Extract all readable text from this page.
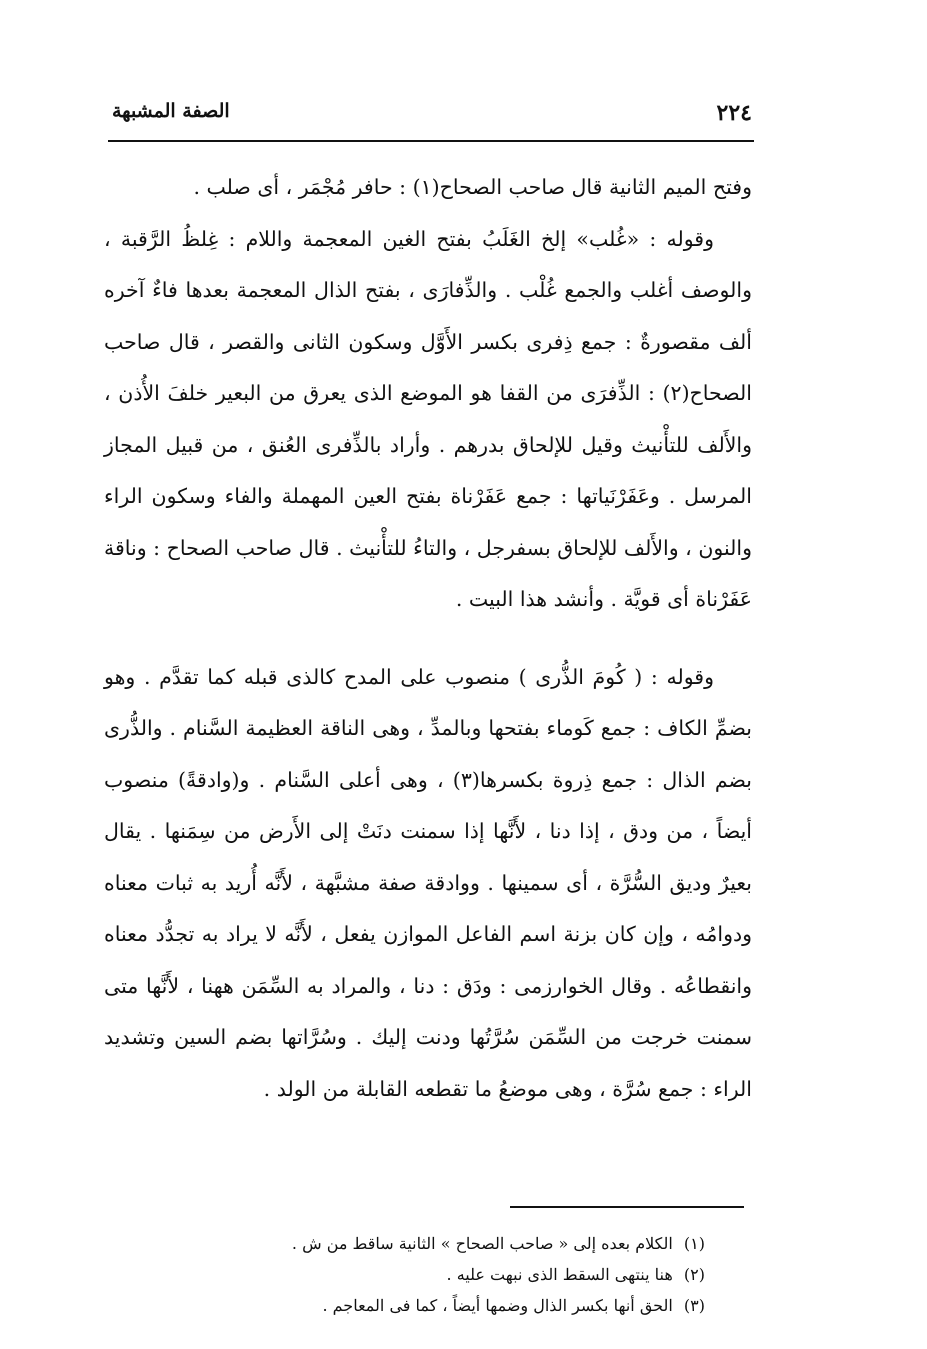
٢٢٤
الصفة المشبهة

وفتح الميم الثانية قال صاحب الصحاح(١) : حافر مُجْمَر ، أى صلب .

وقوله : «غُلب» إلخ الغَلَبُ بفتح الغين المعجمة واللام : غِلظُ الرَّقبة ، والوصف أغلب والجمع غُلْب . والذِّفارَى ، بفتح الذال المعجمة بعدها فاءٌ آخره ألف مقصورةٌ : جمع ذِفرى بكسر الأَوَّل وسكون الثانى والقصر ، قال صاحب الصحاح(٢) : الذِّفرَى من القفا هو الموضع الذى يعرق من البعير خلفَ الأُذن ، والأَلف للتأْنيث وقيل للإلحاق بدرهم . وأراد بالذِّفرى العُنق ، من قبيل المجاز المرسل . وعَفَرْنَياتها : جمع عَفَرْناة بفتح العين المهملة والفاء وسكون الراء والنون ، والأَلف للإلحاق بسفرجل ، والتاءُ للتأْنيث . قال صاحب الصحاح : وناقة عَفَرْناة أى قويَّة . وأنشد هذا البيت .

وقوله : ( كُومَ الذُّرى ) منصوب على المدح كالذى قبله كما تقدَّم . وهو بضمِّ الكاف : جمع كَوماء بفتحها وبالمدِّ ، وهى الناقة العظيمة السَّنام . والذُّرى بضم الذال : جمع ذِروة بكسرها(٣) ، وهى أعلى السَّنام . و(وادقةً) منصوب أيضاً ، من ودق ، إذا دنا ، لأَنَّها إذا سمنت دنَتْ إلى الأَرض من سِمَنها . يقال بعيرٌ وديق السُّرَّة ، أى سمينها . ووادقة صفة مشبَّهة ، لأَنَّه أُريد به ثبات معناه ودوامُه ، وإن كان بزنة اسم الفاعل الموازن يفعل ، لأَنَّه لا يراد به تجدُّد معناه وانقطاعُه . وقال الخوارزمى : ودَق : دنا ، والمراد به السِّمَن ههنا ، لأَنَّها متى سمنت خرجت من السِّمَن سُرَّتُها ودنت إليك . وسُرَّاتها بضم السين وتشديد الراء : جمع سُرَّة ، وهى موضعُ ما تقطعه القابلة من الولد .

(١) الكلام بعده إلى « صاحب الصحاح » الثانية ساقط من ش .

(٢) هنا ينتهى السقط الذى نبهت عليه .

(٣) الحق أنها بكسر الذال وضمها أيضاً ، كما فى المعاجم .
